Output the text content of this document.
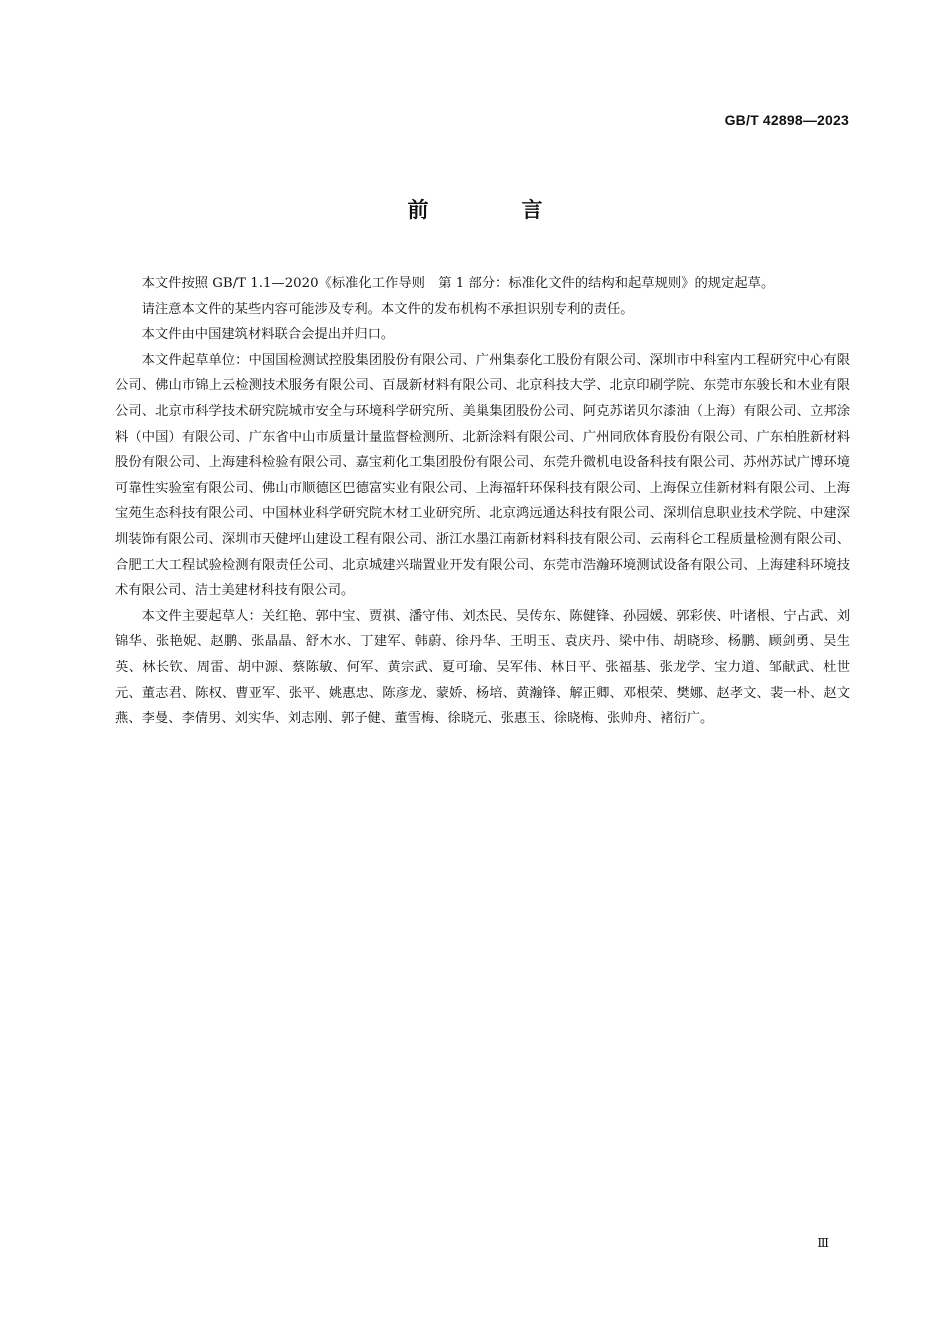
GB/T 42898—2023
前　言

本文件按照 GB/T 1.1—2020《标准化工作导则　第 1 部分：标准化文件的结构和起草规则》的规定起草。

请注意本文件的某些内容可能涉及专利。本文件的发布机构不承担识别专利的责任。

本文件由中国建筑材料联合会提出并归口。

本文件起草单位：中国国检测试控股集团股份有限公司、广州集泰化工股份有限公司、深圳市中科室内工程研究中心有限公司、佛山市锦上云检测技术服务有限公司、百晟新材料有限公司、北京科技大学、北京印刷学院、东莞市东骏长和木业有限公司、北京市科学技术研究院城市安全与环境科学研究所、美巢集团股份公司、阿克苏诺贝尔漆油（上海）有限公司、立邦涂料（中国）有限公司、广东省中山市质量计量监督检测所、北新涂料有限公司、广州同欣体育股份有限公司、广东柏胜新材料股份有限公司、上海建科检验有限公司、嘉宝莉化工集团股份有限公司、东莞升微机电设备科技有限公司、苏州苏试广博环境可靠性实验室有限公司、佛山市顺德区巴德富实业有限公司、上海福轩环保科技有限公司、上海保立佳新材料有限公司、上海宝苑生态科技有限公司、中国林业科学研究院木材工业研究所、北京鸿远通达科技有限公司、深圳信息职业技术学院、中建深圳装饰有限公司、深圳市天健坪山建设工程有限公司、浙江水墨江南新材料科技有限公司、云南科仑工程质量检测有限公司、合肥工大工程试验检测有限责任公司、北京城建兴瑞置业开发有限公司、东莞市浩瀚环境测试设备有限公司、上海建科环境技术有限公司、洁士美建材科技有限公司。

本文件主要起草人：关红艳、郭中宝、贾祺、潘守伟、刘杰民、吴传东、陈健锋、孙园媛、郭彩侠、叶诸根、宁占武、刘锦华、张艳妮、赵鹏、张晶晶、舒木水、丁建军、韩蔚、徐丹华、王明玉、袁庆丹、梁中伟、胡晓珍、杨鹏、顾剑勇、吴生英、林长钦、周雷、胡中源、蔡陈敏、何军、黄宗武、夏可瑜、吴军伟、林日平、张福基、张龙学、宝力道、邹献武、杜世元、董志君、陈权、曹亚军、张平、姚惠忠、陈彦龙、蒙娇、杨培、黄瀚锋、解正卿、邓根荣、樊娜、赵孝文、裴一朴、赵文燕、李曼、李倩男、刘实华、刘志刚、郭子健、董雪梅、徐晓元、张惠玉、徐晓梅、张帅舟、褚衍广。

Ⅲ
